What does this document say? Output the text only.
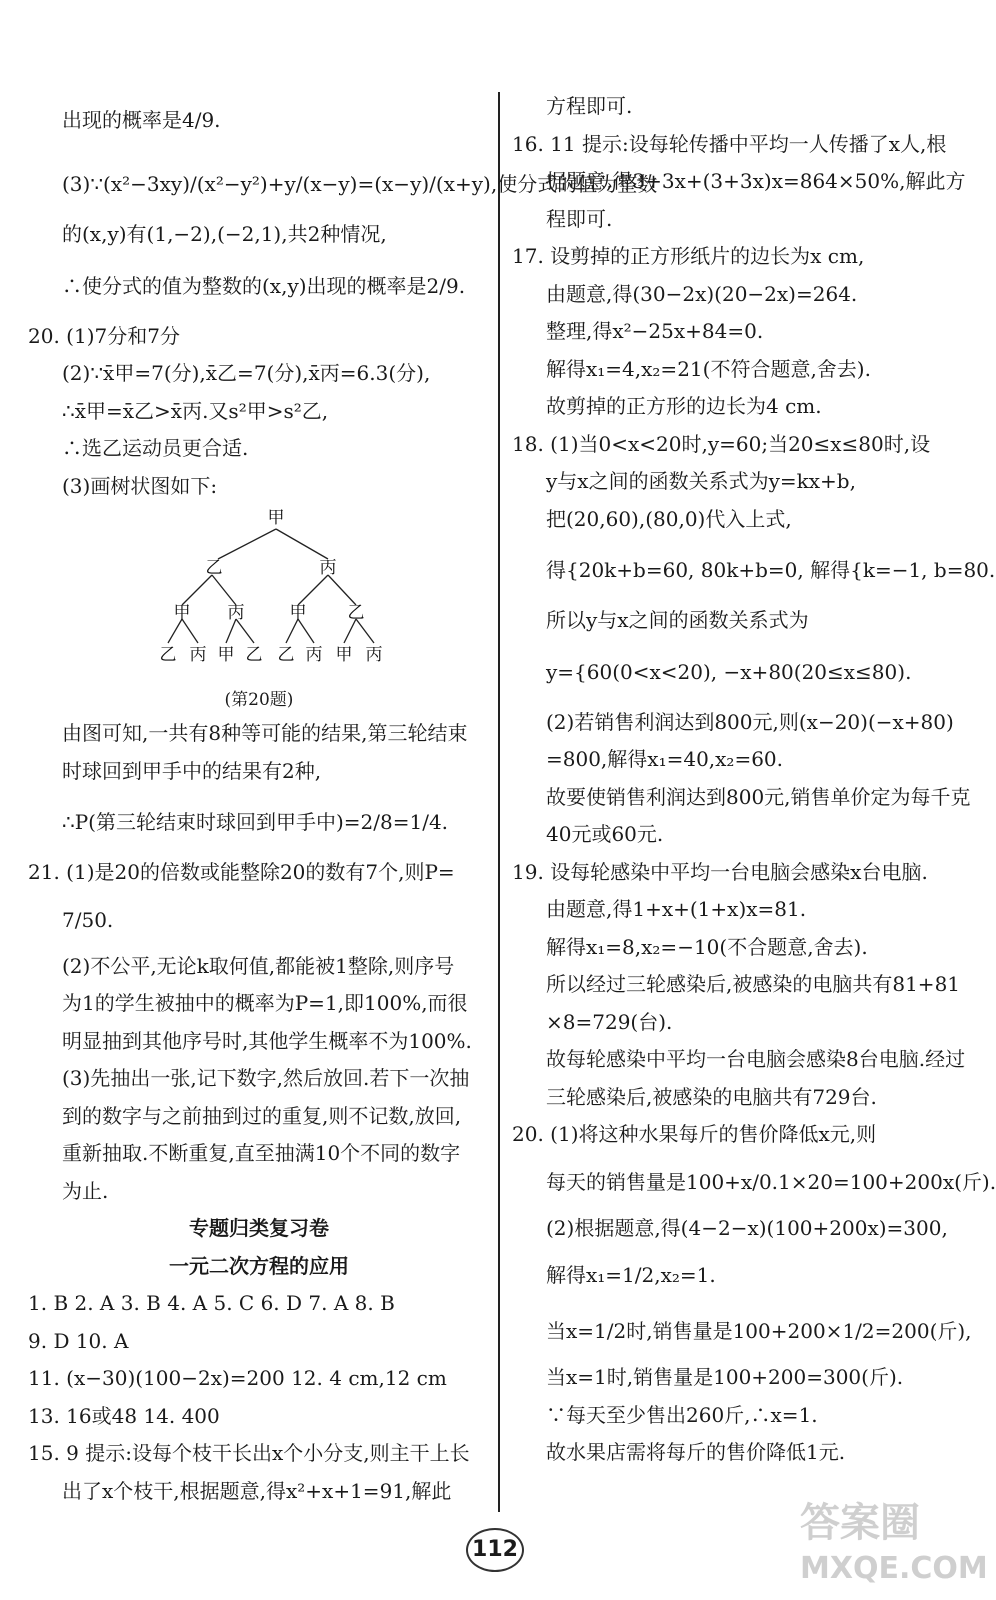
出现的概率是4/9.
(3)∵(x²−3xy)/(x²−y²)+y/(x−y)=(x−y)/(x+y),使分式的值为整数
的(x,y)有(1,−2),(−2,1),共2种情况,
∴使分式的值为整数的(x,y)出现的概率是2/9.
20. (1)7分和7分
(2)∵x̄甲=7(分),x̄乙=7(分),x̄丙=6.3(分),
∴x̄甲=x̄乙>x̄丙.又s²甲>s²乙,
∴选乙运动员更合适.
(3)画树状图如下:
甲
乙	丙
甲 丙	甲 乙
乙 丙 甲 乙 乙 丙 甲 丙
(第20题)
由图可知,一共有8种等可能的结果,第三轮结束
时球回到甲手中的结果有2种,
∴P(第三轮结束时球回到甲手中)=2/8=1/4.
21. (1)是20的倍数或能整除20的数有7个,则P=
7/50.
(2)不公平,无论k取何值,都能被1整除,则序号
为1的学生被抽中的概率为P=1,即100%,而很
明显抽到其他序号时,其他学生概率不为100%.
(3)先抽出一张,记下数字,然后放回.若下一次抽
到的数字与之前抽到过的重复,则不记数,放回,
重新抽取.不断重复,直至抽满10个不同的数字
为止.
专题归类复习卷
一元二次方程的应用
1. B 2. A 3. B 4. A 5. C 6. D 7. A 8. B
9. D 10. A
11. (x−30)(100−2x)=200 12. 4 cm,12 cm
13. 16或48 14. 400
15. 9 提示:设每个枝干长出x个小分支,则主干上长
出了x个枝干,根据题意,得x²+x+1=91,解此
方程即可.
16. 11 提示:设每轮传播中平均一人传播了x人,根
据题意,得3+3x+(3+3x)x=864×50%,解此方
程即可.
17. 设剪掉的正方形纸片的边长为x cm,
由题意,得(30−2x)(20−2x)=264.
整理,得x²−25x+84=0.
解得x₁=4,x₂=21(不符合题意,舍去).
故剪掉的正方形的边长为4 cm.
18. (1)当0<x<20时,y=60;当20≤x≤80时,设
y与x之间的函数关系式为y=kx+b,
把(20,60),(80,0)代入上式,
得{20k+b=60, 80k+b=0, 解得{k=−1, b=80.
所以y与x之间的函数关系式为
y={60(0<x<20), −x+80(20≤x≤80).
(2)若销售利润达到800元,则(x−20)(−x+80)
=800,解得x₁=40,x₂=60.
故要使销售利润达到800元,销售单价定为每千克
40元或60元.
19. 设每轮感染中平均一台电脑会感染x台电脑.
由题意,得1+x+(1+x)x=81.
解得x₁=8,x₂=−10(不合题意,舍去).
所以经过三轮感染后,被感染的电脑共有81+81
×8=729(台).
故每轮感染中平均一台电脑会感染8台电脑.经过
三轮感染后,被感染的电脑共有729台.
20. (1)将这种水果每斤的售价降低x元,则
每天的销售量是100+x/0.1×20=100+200x(斤).
(2)根据题意,得(4−2−x)(100+200x)=300,
解得x₁=1/2,x₂=1.
当x=1/2时,销售量是100+200×1/2=200(斤),
当x=1时,销售量是100+200=300(斤).
∵每天至少售出260斤,∴x=1.
故水果店需将每斤的售价降低1元.
112
答案圈
MXQE.COM
